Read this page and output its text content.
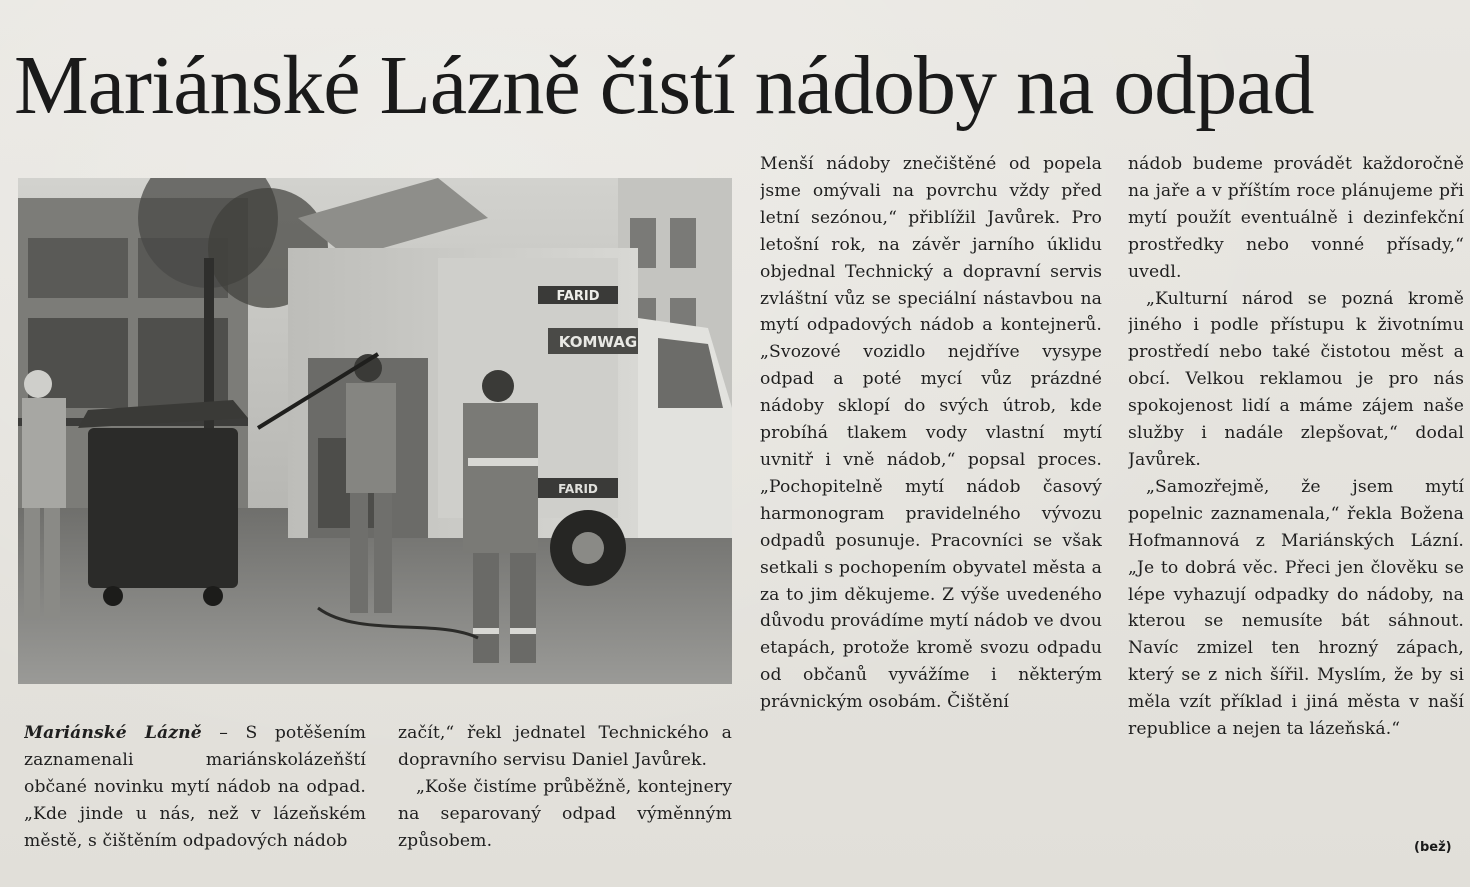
Mariánské Lázně čistí nádoby na odpad
FARID
KOMWAG
FARID

Mariánské Lázně – S potěšením zaznamenali mariánskolázeňští občané novinku mytí nádob na odpad. „Kde jinde u nás, než v lázeňském městě, s čištěním odpadových nádob

začít,“ řekl jednatel Technického a dopravního servisu Daniel Javůrek.

„Koše čistíme průběžně, kontejnery na separovaný odpad výměnným způsobem.

Menší nádoby znečištěné od popela jsme omývali na povrchu vždy před letní sezónou,“ přiblížil Javůrek. Pro letošní rok, na závěr jarního úklidu objednal Technický a dopravní servis zvláštní vůz se speciální nástavbou na mytí odpadových nádob a kontejnerů. „Svozové vozidlo nejdříve vysype odpad a poté mycí vůz prázdné nádoby sklopí do svých útrob, kde probíhá tlakem vody vlastní mytí uvnitř i vně nádob,“ popsal proces. „Pochopitelně mytí nádob časový harmonogram pravidelného vývozu odpadů posunuje. Pracovníci se však setkali s pochopením obyvatel města a za to jim děkujeme. Z výše uvedeného důvodu provádíme mytí nádob ve dvou etapách, protože kromě svozu odpadu od občanů vyvážíme i některým právnickým osobám. Čištění

nádob budeme provádět každoročně na jaře a v příštím roce plánujeme při mytí použít eventuálně i dezinfekční prostředky nebo vonné přísady,“ uvedl.

„Kulturní národ se pozná kromě jiného i podle přístupu k životnímu prostředí nebo také čistotou měst a obcí. Velkou reklamou je pro nás spokojenost lidí a máme zájem naše služby i nadále zlepšovat,“ dodal Javůrek.

„Samozřejmě, že jsem mytí popelnic zaznamenala,“ řekla Božena Hofmannová z Mariánských Lázní. „Je to dobrá věc. Přeci jen člověku se lépe vyhazují odpadky do nádoby, na kterou se nemusíte bát sáhnout. Navíc zmizel ten hrozný zápach, který se z nich šířil. Myslím, že by si měla vzít příklad i jiná města v naší republice a nejen ta lázeňská.“

(bež)
